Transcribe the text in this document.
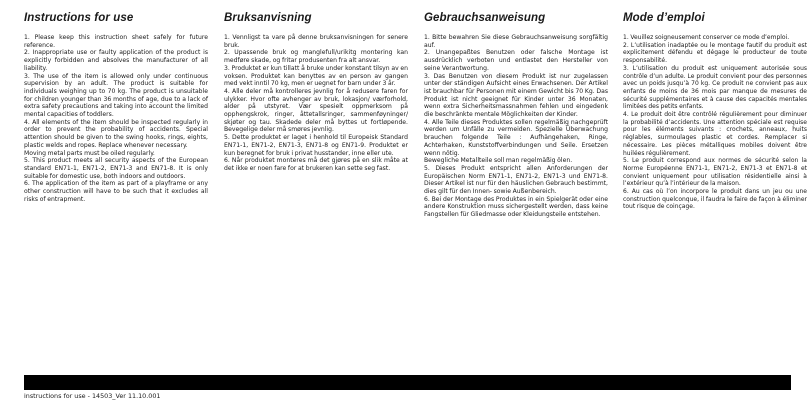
Instructions for use

1. Please keep this instruction sheet safely for future reference.

2. Inappropriate use or faulty application of the product is explicitly forbidden and absolves the manufacturer of all liability.

3. The use of the item is allowed only under continuous supervision by an adult. The product is suitable for individuals weighing up to 70 kg. The product is unsuitable for children younger than 36 months of age, due to a lack of extra safety precautions and taking into account the limited mental capacities of toddlers.

4. All elements of the item should be inspected regularly in order to prevent the probability of accidents. Special attention should be given to the swing hooks, rings, eights, plastic welds and ropes. Replace whenever necessary.

Moving metal parts must be oiled regularly.

5. This product meets all security aspects of the European standard EN71-1, EN71-2, EN71-3 and EN71-8. It is only suitable for domestic use, both indoors and outdoors.

6. The application of the item as part of a playframe or any other construction will have to be such that it excludes all risks of entrapment.

Bruksanvisning

1. Vennligst ta vare på denne bruksanvisningen for senere bruk.

2. Upassende bruk og manglefull/urikitg montering kan medføre skade, og fritar produsenten fra alt ansvar.

3. Produktet er kun tillatt å bruke under konstant tilsyn av en voksen. Produktet kan benyttes av en person av gangen med vekt inntil 70 kg, men er uegnet for barn under 3 år.

4. Alle deler må kontrolleres jevnlig for å redusere faren for ulykker. Hvor ofte avhenger av bruk, lokasjon/ værforhold, alder på utstyret. Vær spesielt oppmerksom på opphengskrok, ringer, åttetallsringer, sammenføyninger/ skjøter og tau. Skadede deler må byttes ut fortløpende. Bevegelige deler må smøres jevnlig.

5. Dette produktet er laget i henhold til Europeisk Standard EN71-1, EN71-2, EN71-3, EN71-8 og EN71-9. Produktet er kun beregnet for bruk i privat husstander, inne eller ute.

6. Når produktet monteres må det gjøres på en slik måte at det ikke er noen fare for at brukeren kan sette seg fast.

Gebrauchsanweisung

1. Bitte bewahren Sie diese Gebrauchsanweisung sorgfältig auf.

2. Unangepaßtes Benutzen oder falsche Montage ist ausdrücklich verboten und entlastet den Hersteller von seine Verantwortung.

3. Das Benutzen von diesem Produkt ist nur zugelassen unter der ständigen Aufsicht eines Erwachsenen. Der Artikel ist brauchbar für Personen mit einem Gewicht bis 70 Kg. Das Produkt ist nicht geeignet für Kinder unter 36 Monaten, wenn extra Sicherheitsmassnahmen fehlen und eingedenk die beschränkte mentale Möglichkeiten der Kinder.

4. Alle Teile dieses Produktes sollen regelmäßig nachgeprüft werden um Unfälle zu vermeiden. Spezielle Überwachung brauchen folgende Teile : Aufhängehaken, Ringe, Achterhaken, Kunststoffverbindungen und Seile. Ersetzen wenn nötig.

Bewegliche Metallteile soll man regelmäßig ölen.

5. Dieses Produkt entspricht allen Anforderungen der Europäischen Norm EN71-1, EN71-2, EN71-3 und EN71-8. Dieser Artikel ist nur für den häuslichen Gebrauch bestimmt, dies gilt für den Innen- sowie Außenbereich.

6. Bei der Montage des Produktes in ein Spielgerät oder eine andere Konstruktion muss sichergestellt werden, dass keine Fangstellen für Gliedmasse oder Kleidungsteile entstehen.

Mode d’emploi

1. Veuillez soigneusement conserver ce mode d’emploi.

2. L’utilisation inadaptée ou le montage fautif du produit est explicitement défendu et dégage le producteur de toute responsabilité.

3. L’utilisation du produit est uniquement autorisée sous contrôle d’un adulte. Le produit convient pour des personnes avec un poids jusqu’à 70 kg. Ce produit ne convient pas aux enfants de moins de 36 mois par manque de mesures de sécurité supplémentaires et à cause des capacités mentales limitées des petits enfants.

4. Le produit doit être contrôlé régulièrement pour diminuer la probabilité d’accidents. Une attention spéciale est requise pour les éléments suivants : crochets, anneaux, huits réglables, surmoulages plastic et cordes. Remplacer si nécessaire. Les pièces métalliques mobiles doivent être huilées régulièrement.

5. Le produit correspond aux normes de sécurité selon la Norme Européenne EN71-1, EN71-2, EN71-3 et EN71-8 et convient uniquement pour utilisation résidentielle ainsi à l’extérieur qu’à l’intérieur de la maison.

6. Au cas où l’on incorpore le produit dans un jeu ou une construction quelconque, il faudra le faire de façon à éliminer tout risque de coinçage.

instructions for use - 14503_Ver 11.10.001
